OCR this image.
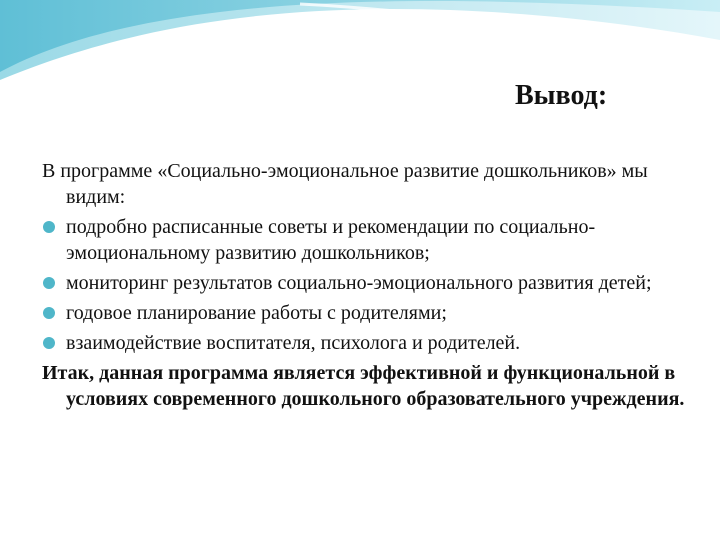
Вывод:

В программе «Социально-эмоциональное развитие дошкольников» мы видим:

подробно расписанные советы и рекомендации по социально-эмоциональному развитию дошкольников;
мониторинг результатов социально-эмоционального развития детей;
годовое планирование работы с родителями;
взаимодействие воспитателя, психолога и родителей.

Итак, данная программа является эффективной и функциональной в условиях современного дошкольного образовательного учреждения.
